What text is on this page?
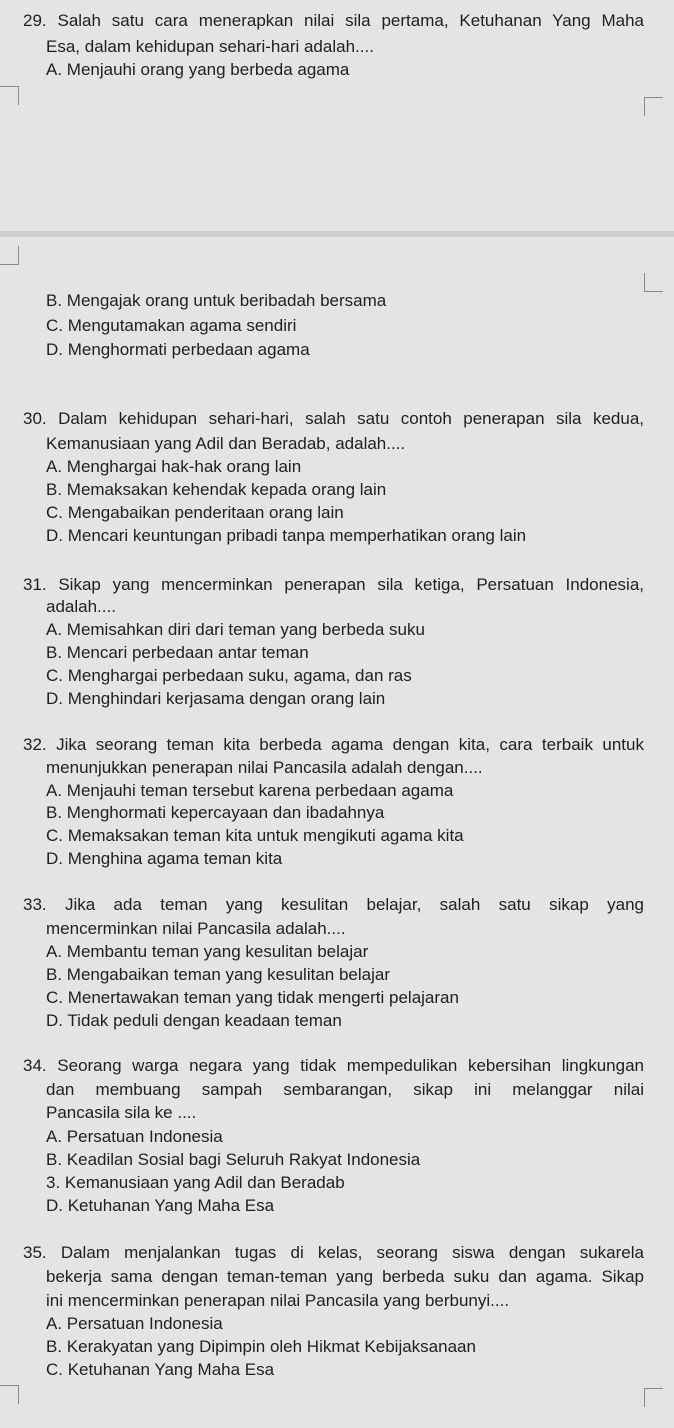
29. Salah satu cara menerapkan nilai sila pertama, Ketuhanan Yang Maha
Esa, dalam kehidupan sehari-hari adalah....
A. Menjauhi orang yang berbeda agama
B. Mengajak orang untuk beribadah bersama
C. Mengutamakan agama sendiri
D. Menghormati perbedaan agama
30. Dalam kehidupan sehari-hari, salah satu contoh penerapan sila kedua,
Kemanusiaan yang Adil dan Beradab, adalah....
A. Menghargai hak-hak orang lain
B. Memaksakan kehendak kepada orang lain
C. Mengabaikan penderitaan orang lain
D. Mencari keuntungan pribadi tanpa memperhatikan orang lain
31. Sikap yang mencerminkan penerapan sila ketiga, Persatuan Indonesia,
adalah....
A. Memisahkan diri dari teman yang berbeda suku
B. Mencari perbedaan antar teman
C. Menghargai perbedaan suku, agama, dan ras
D. Menghindari kerjasama dengan orang lain
32. Jika seorang teman kita berbeda agama dengan kita, cara terbaik untuk
menunjukkan penerapan nilai Pancasila adalah dengan....
A. Menjauhi teman tersebut karena perbedaan agama
B. Menghormati kepercayaan dan ibadahnya
C. Memaksakan teman kita untuk mengikuti agama kita
D. Menghina agama teman kita
33. Jika ada teman yang kesulitan belajar, salah satu sikap yang
mencerminkan nilai Pancasila adalah....
A. Membantu teman yang kesulitan belajar
B. Mengabaikan teman yang kesulitan belajar
C. Menertawakan teman yang tidak mengerti pelajaran
D. Tidak peduli dengan keadaan teman
34. Seorang warga negara yang tidak mempedulikan kebersihan lingkungan
dan membuang sampah sembarangan, sikap ini melanggar nilai
Pancasila sila ke ....
A. Persatuan Indonesia
B. Keadilan Sosial bagi Seluruh Rakyat Indonesia
3. Kemanusiaan yang Adil dan Beradab
D. Ketuhanan Yang Maha Esa
35. Dalam menjalankan tugas di kelas, seorang siswa dengan sukarela
bekerja sama dengan teman-teman yang berbeda suku dan agama. Sikap
ini mencerminkan penerapan nilai Pancasila yang berbunyi....
A. Persatuan Indonesia
B. Kerakyatan yang Dipimpin oleh Hikmat Kebijaksanaan
C. Ketuhanan Yang Maha Esa
